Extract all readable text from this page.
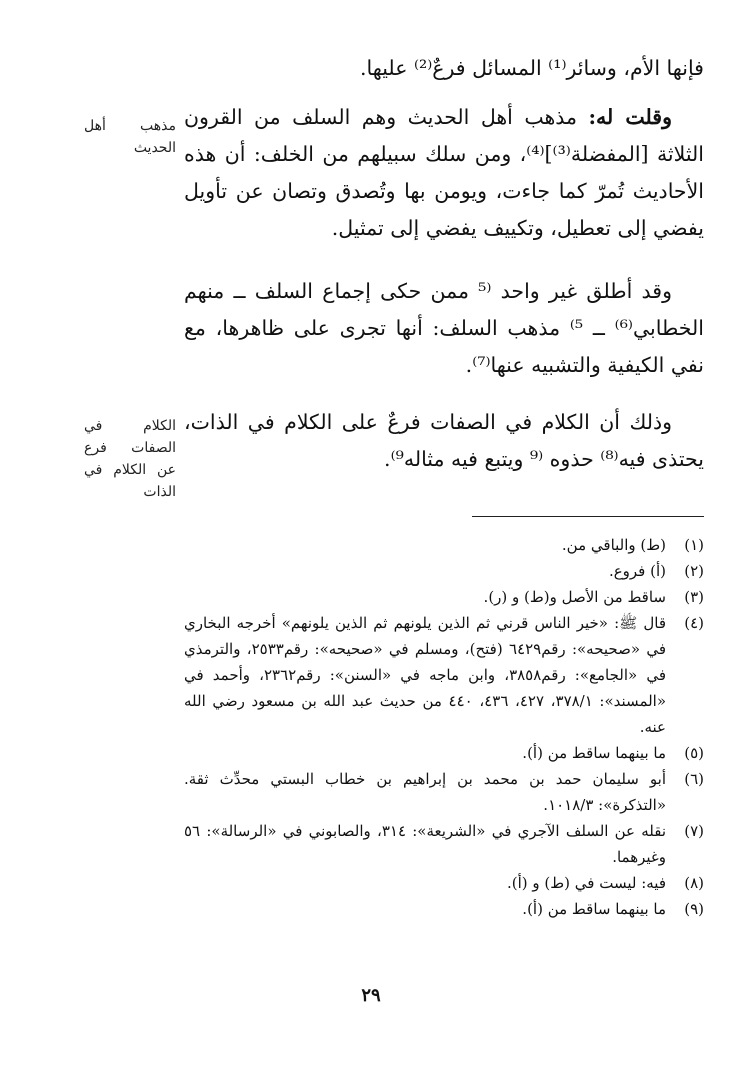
فإنها الأم، وسائر⁽¹⁾ المسائل فرعٌ⁽²⁾ عليها.

وقلت له: مذهب أهل الحديث وهم السلف من القرون الثلاثة [المفضلة⁽³⁾]⁽⁴⁾، ومن سلك سبيلهم من الخلف: أن هذه الأحاديث تُمرّ كما جاءت، ويومن بها وتُصدق وتصان عن تأويل يفضي إلى تعطيل، وتكييف يفضي إلى تمثيل.

وقد أطلق غير واحد ⁽⁵ ممن حكى إجماع السلف ــ منهم الخطابي⁽⁶⁾ ــ ⁵⁾ مذهب السلف: أنها تجرى على ظاهرها، مع نفي الكيفية والتشبيه عنها⁽⁷⁾.

وذلك أن الكلام في الصفات فرعٌ على الكلام في الذات، يحتذى فيه⁽⁸⁾ حذوه ⁽⁹ ويتبع فيه مثاله⁹⁾.

مذهب أهل الحديث
الكلام في الصفات فرع عن الكلام في الذات
(١)
(ط) والباقي من.
(٢)
(أ) فروع.
(٣)
ساقط من الأصل و(ط) و (ر).
(٤)
قال ﷺ: «خير الناس قرني ثم الذين يلونهم ثم الذين يلونهم» أخرجه البخاري في «صحيحه»: رقم٦٤٢٩ (فتح)، ومسلم في «صحيحه»: رقم٢٥٣٣، والترمذي في «الجامع»: رقم٣٨٥٨، وابن ماجه في «السنن»: رقم٢٣٦٢، وأحمد في «المسند»: ٣٧٨/١، ٤٢٧، ٤٣٦، ٤٤٠ من حديث عبد الله بن مسعود رضي الله عنه.
(٥)
ما بينهما ساقط من (أ).
(٦)
أبو سليمان حمد بن محمد بن إبراهيم بن خطاب البستي محدِّث ثقة. «التذكرة»: ١٠١٨/٣.
(٧)
نقله عن السلف الآجري في «الشريعة»: ٣١٤، والصابوني في «الرسالة»: ٥٦ وغيرهما.
(٨)
فيه: ليست في (ط) و (أ).
(٩)
ما بينهما ساقط من (أ).
٢٩
